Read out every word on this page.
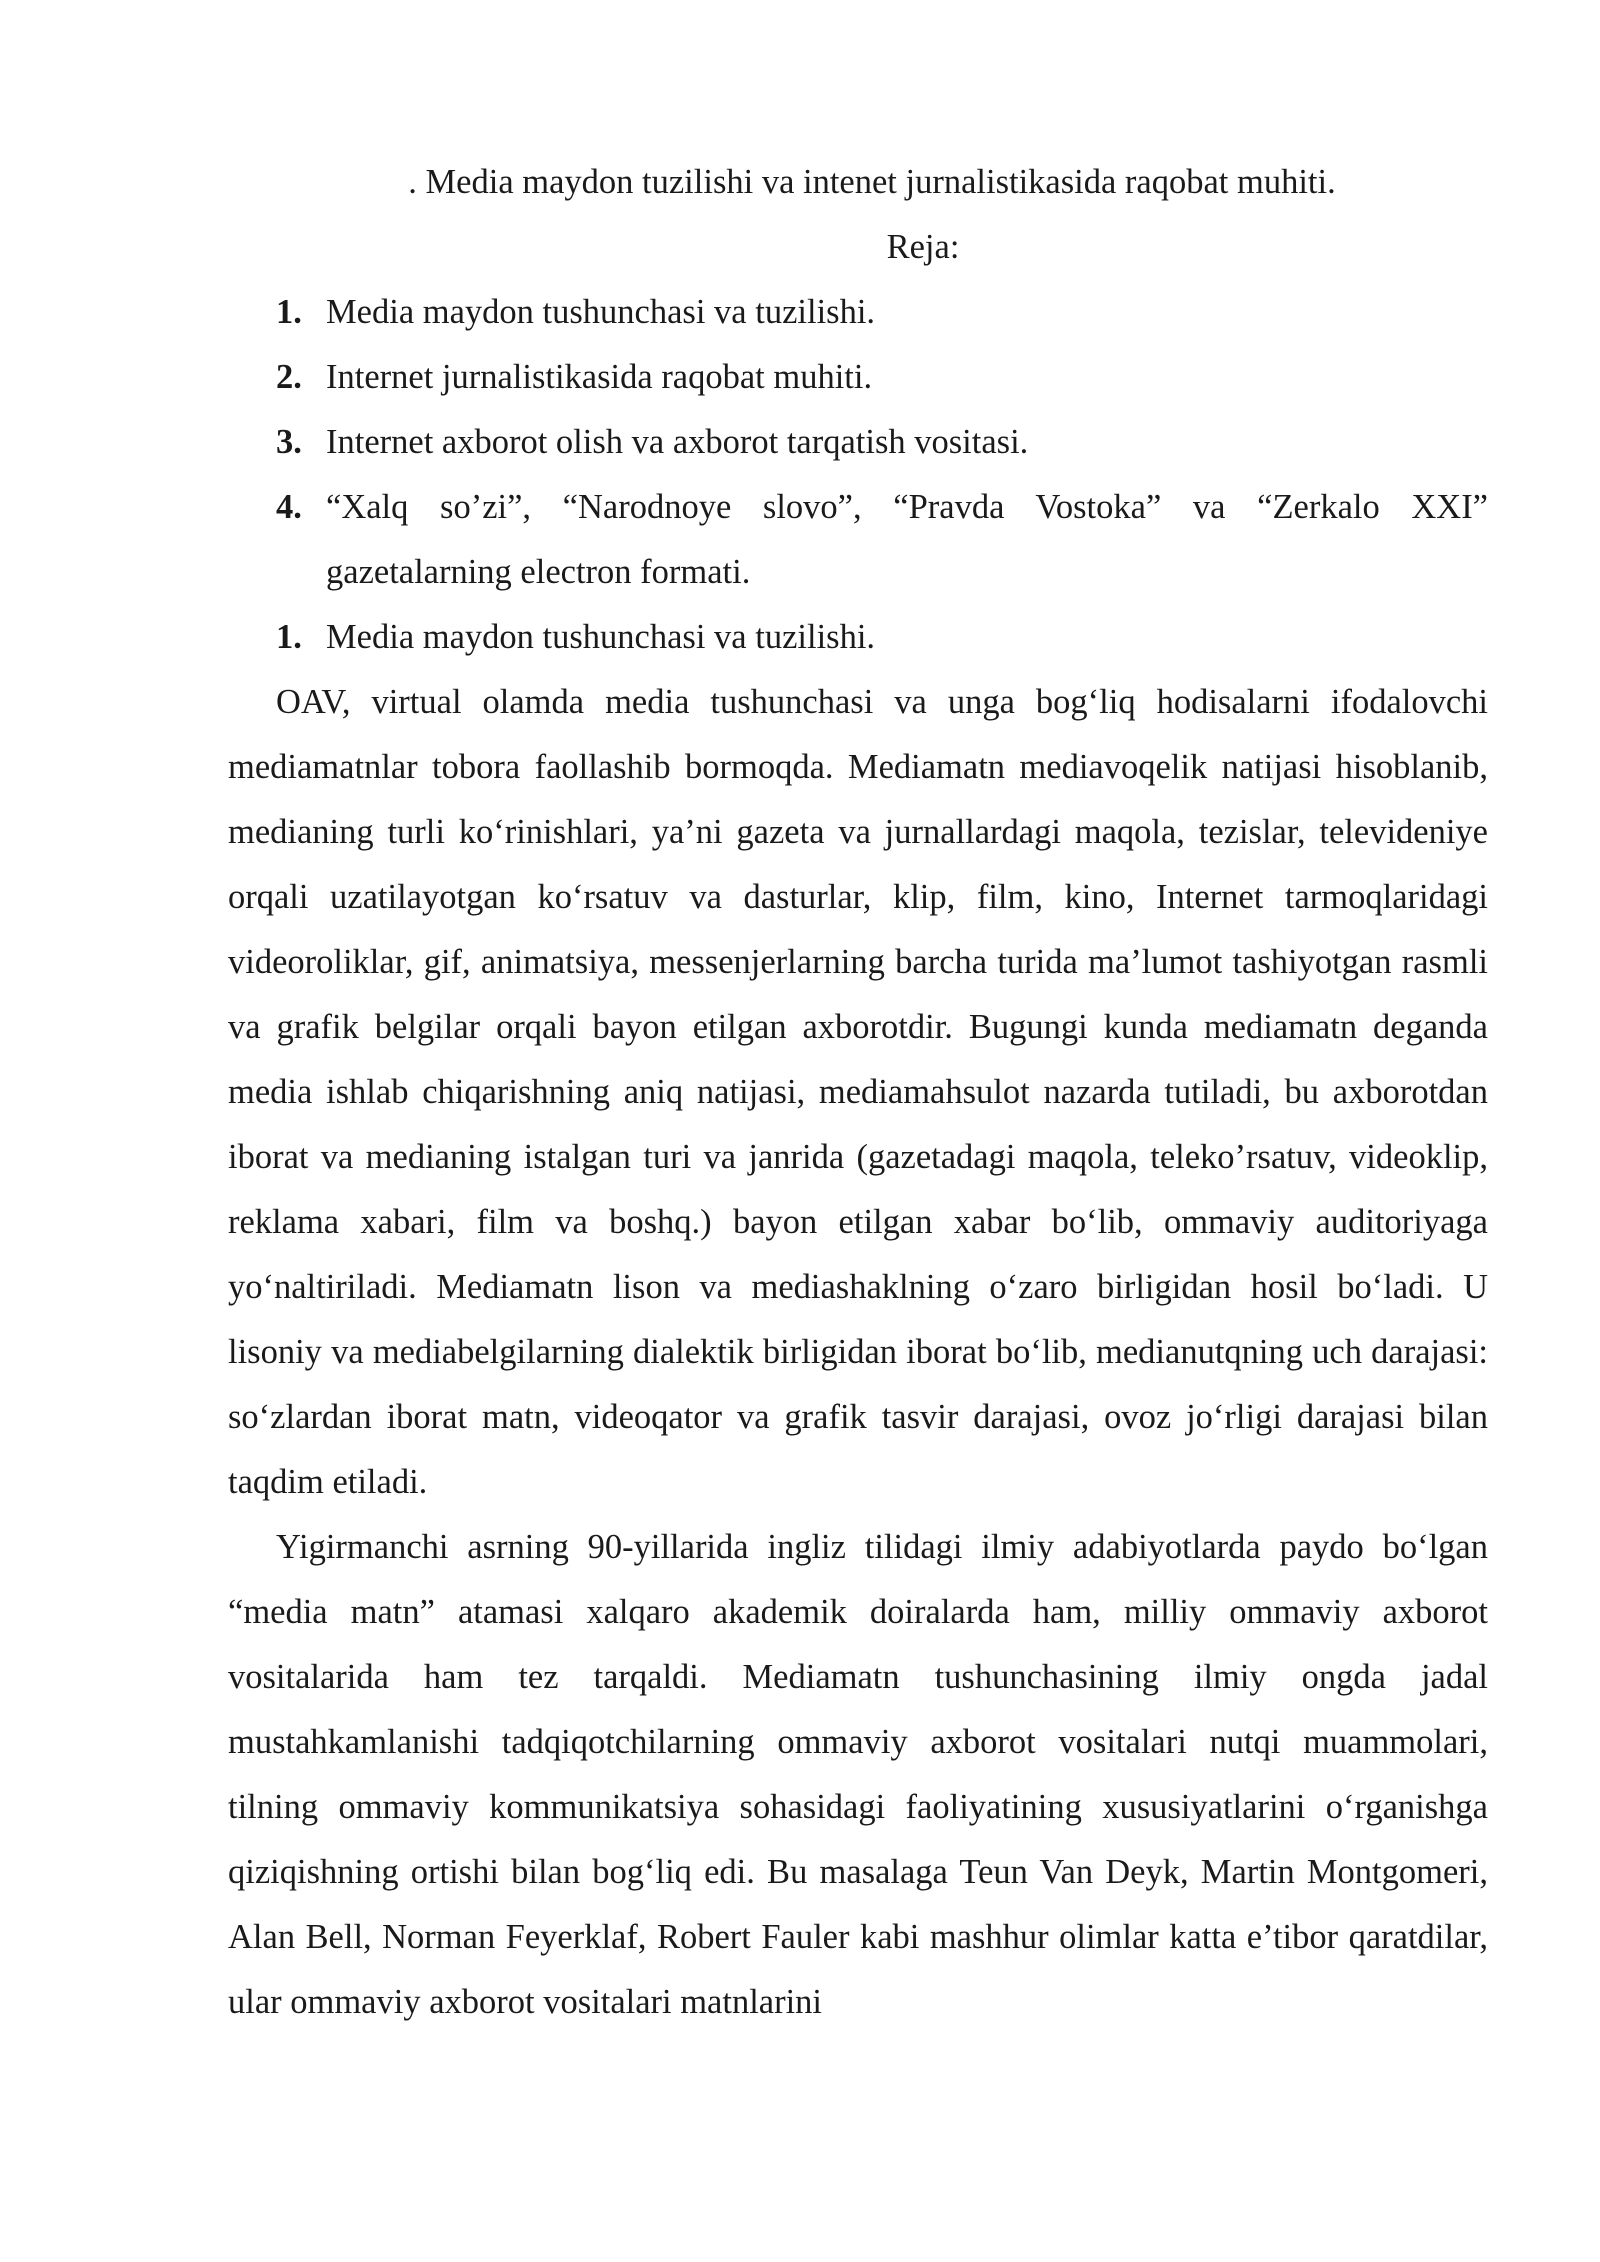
. Media maydon tuzilishi va intenet jurnalistikasida raqobat muhiti.

Reja:

1. Media maydon tushunchasi va tuzilishi.
2. Internet jurnalistikasida raqobat muhiti.
3. Internet axborot olish va axborot tarqatish vositasi.
4. “Xalq so’zi”, “Narodnoye slovo”, “Pravda Vostoka” va “Zerkalo XXI” gazetalarning electron formati.
1. Media maydon tushunchasi va tuzilishi.

OAV, virtual olamda media tushunchasi va unga bog‘liq hodisalarni ifodalovchi mediamatnlar tobora faollashib bormoqda. Mediamatn mediavoqelik natijasi hisoblanib, medianing turli ko‘rinishlari, ya’ni gazeta va jurnallardagi maqola, tezislar, televideniye orqali uzatilayotgan ko‘rsatuv va dasturlar, klip, film, kino, Internet tarmoqlaridagi videoroliklar, gif, animatsiya, messenjerlarning barcha turida ma’lumot tashiyotgan rasmli va grafik belgilar orqali bayon etilgan axborotdir. Bugungi kunda mediamatn deganda media ishlab chiqarishning aniq natijasi, mediamahsulot nazarda tutiladi, bu axborotdan iborat va medianing istalgan turi va janrida (gazetadagi maqola, teleko’rsatuv, videoklip, reklama xabari, film va boshq.) bayon etilgan xabar bo‘lib, ommaviy auditoriyaga yo‘naltiriladi. Mediamatn lison va mediashaklning o‘zaro birligidan hosil bo‘ladi. U lisoniy va mediabelgilarning dialektik birligidan iborat bo‘lib, medianutqning uch darajasi: so‘zlardan iborat matn, videoqator va grafik tasvir darajasi, ovoz jo‘rligi darajasi bilan taqdim etiladi.

Yigirmanchi asrning 90-yillarida ingliz tilidagi ilmiy adabiyotlarda paydo bo‘lgan “media matn” atamasi xalqaro akademik doiralarda ham, milliy ommaviy axborot vositalarida ham tez tarqaldi. Mediamatn tushunchasining ilmiy ongda jadal mustahkamlanishi tadqiqotchilarning ommaviy axborot vositalari nutqi muammolari, tilning ommaviy kommunikatsiya sohasidagi faoliyatining xususiyatlarini o‘rganishga qiziqishning ortishi bilan bog‘liq edi. Bu masalaga Teun Van Deyk, Martin Montgomeri, Alan Bell, Norman Feyerklaf, Robert Fauler kabi mashhur olimlar katta e’tibor qaratdilar, ular ommaviy axborot vositalari matnlarini
